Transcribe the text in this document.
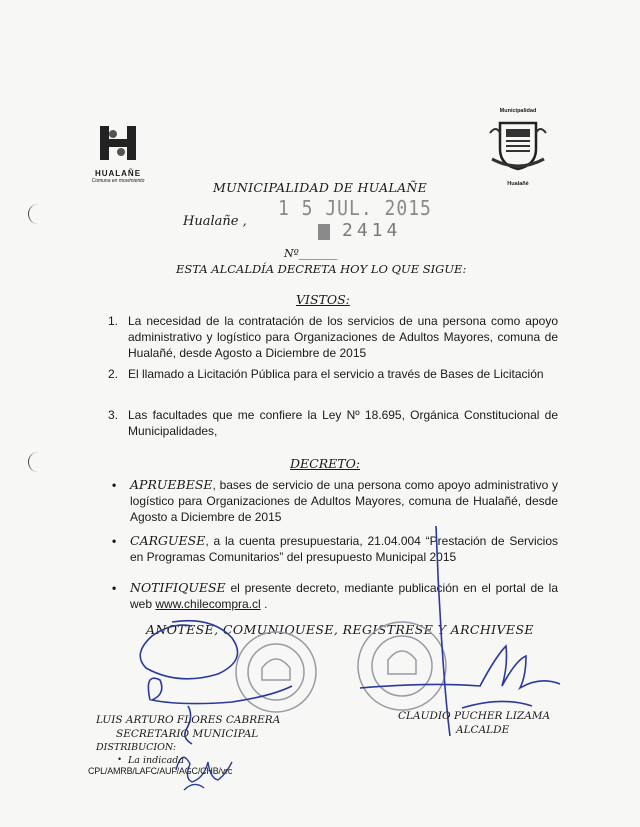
HUALAÑE
Comuna en movimiento
Municipalidad
Hualañé
MUNICIPALIDAD DE HUALAÑE
Hualañe ,
1 5 JUL. 2015
2414
Nº_______
ESTA ALCALDÍA DECRETA HOY LO QUE SIGUE:
VISTOS:
1. La necesidad de la contratación de los servicios de una persona como apoyo administrativo y logístico para Organizaciones de Adultos Mayores, comuna de Hualañé, desde Agosto a Diciembre de 2015
2. El llamado a Licitación Pública para el servicio a través de Bases de Licitación
3. Las facultades que me confiere la Ley Nº 18.695, Orgánica Constitucional de Municipalidades,
DECRETO:
• APRUEBESE, bases de servicio de una persona como apoyo administrativo y logístico para Organizaciones de Adultos Mayores, comuna de Hualañé, desde Agosto a Diciembre de 2015
• CARGUESE, a la cuenta presupuestaria, 21.04.004 “Prestación de Servicios en Programas Comunitarios” del presupuesto Municipal 2015
• NOTIFIQUESE el presente decreto, mediante publicación en el portal de la web www.chilecompra.cl .
ANOTESE, COMUNIQUESE, REGISTRESE Y ARCHIVESE
LUIS ARTURO FLORES CABRERA
SECRETARIO MUNICIPAL
CLAUDIO PUCHER LIZAMA
ALCALDE
DISTRIBUCION:
• La indicada
CPL/AMRB/LAFC/AUF/AGC/CHB/vrc
